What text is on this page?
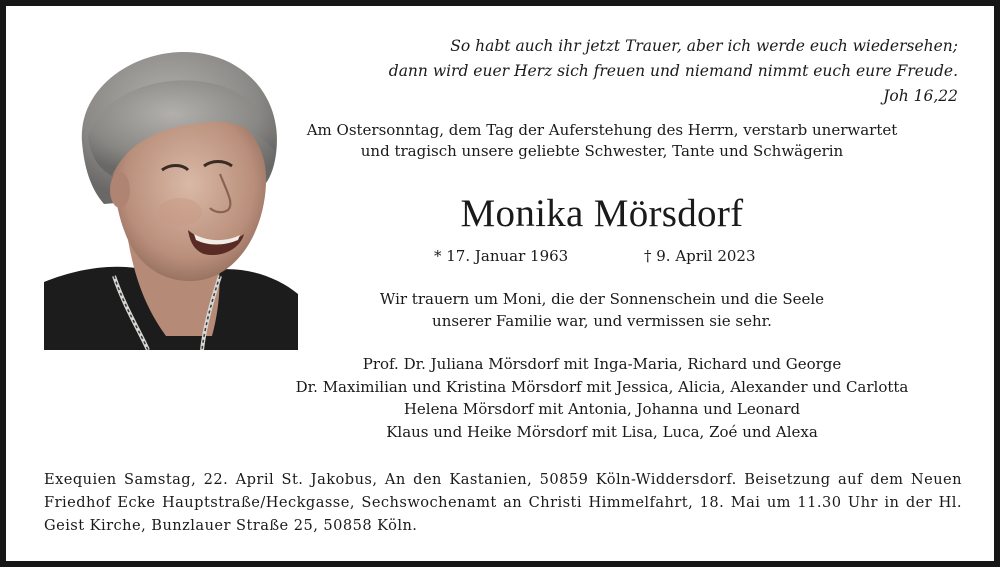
So habt auch ihr jetzt Trauer, aber ich werde euch wiedersehen;
dann wird euer Herz sich freuen und niemand nimmt euch eure Freude.
Joh 16,22
Am Ostersonntag, dem Tag der Auferstehung des Herrn, verstarb unerwartet
und tragisch unsere geliebte Schwester, Tante und Schwägerin
Monika Mörsdorf
* 17. Januar 1963	† 9. April 2023
Wir trauern um Moni, die der Sonnenschein und die Seele
unserer Familie war, und vermissen sie sehr.
Prof. Dr. Juliana Mörsdorf mit Inga-Maria, Richard und George
Dr. Maximilian und Kristina Mörsdorf mit Jessica, Alicia, Alexander und Carlotta
Helena Mörsdorf mit Antonia, Johanna und Leonard
Klaus und Heike Mörsdorf mit Lisa, Luca, Zoé und Alexa
Exequien Samstag, 22. April St. Jakobus, An den Kastanien, 50859 Köln-Widdersdorf. Beisetzung auf dem Neuen Friedhof Ecke Hauptstraße/Heckgasse, Sechswochenamt an Christi Himmelfahrt, 18. Mai um 11.30 Uhr in der Hl. Geist Kirche, Bunzlauer Straße 25, 50858 Köln.
